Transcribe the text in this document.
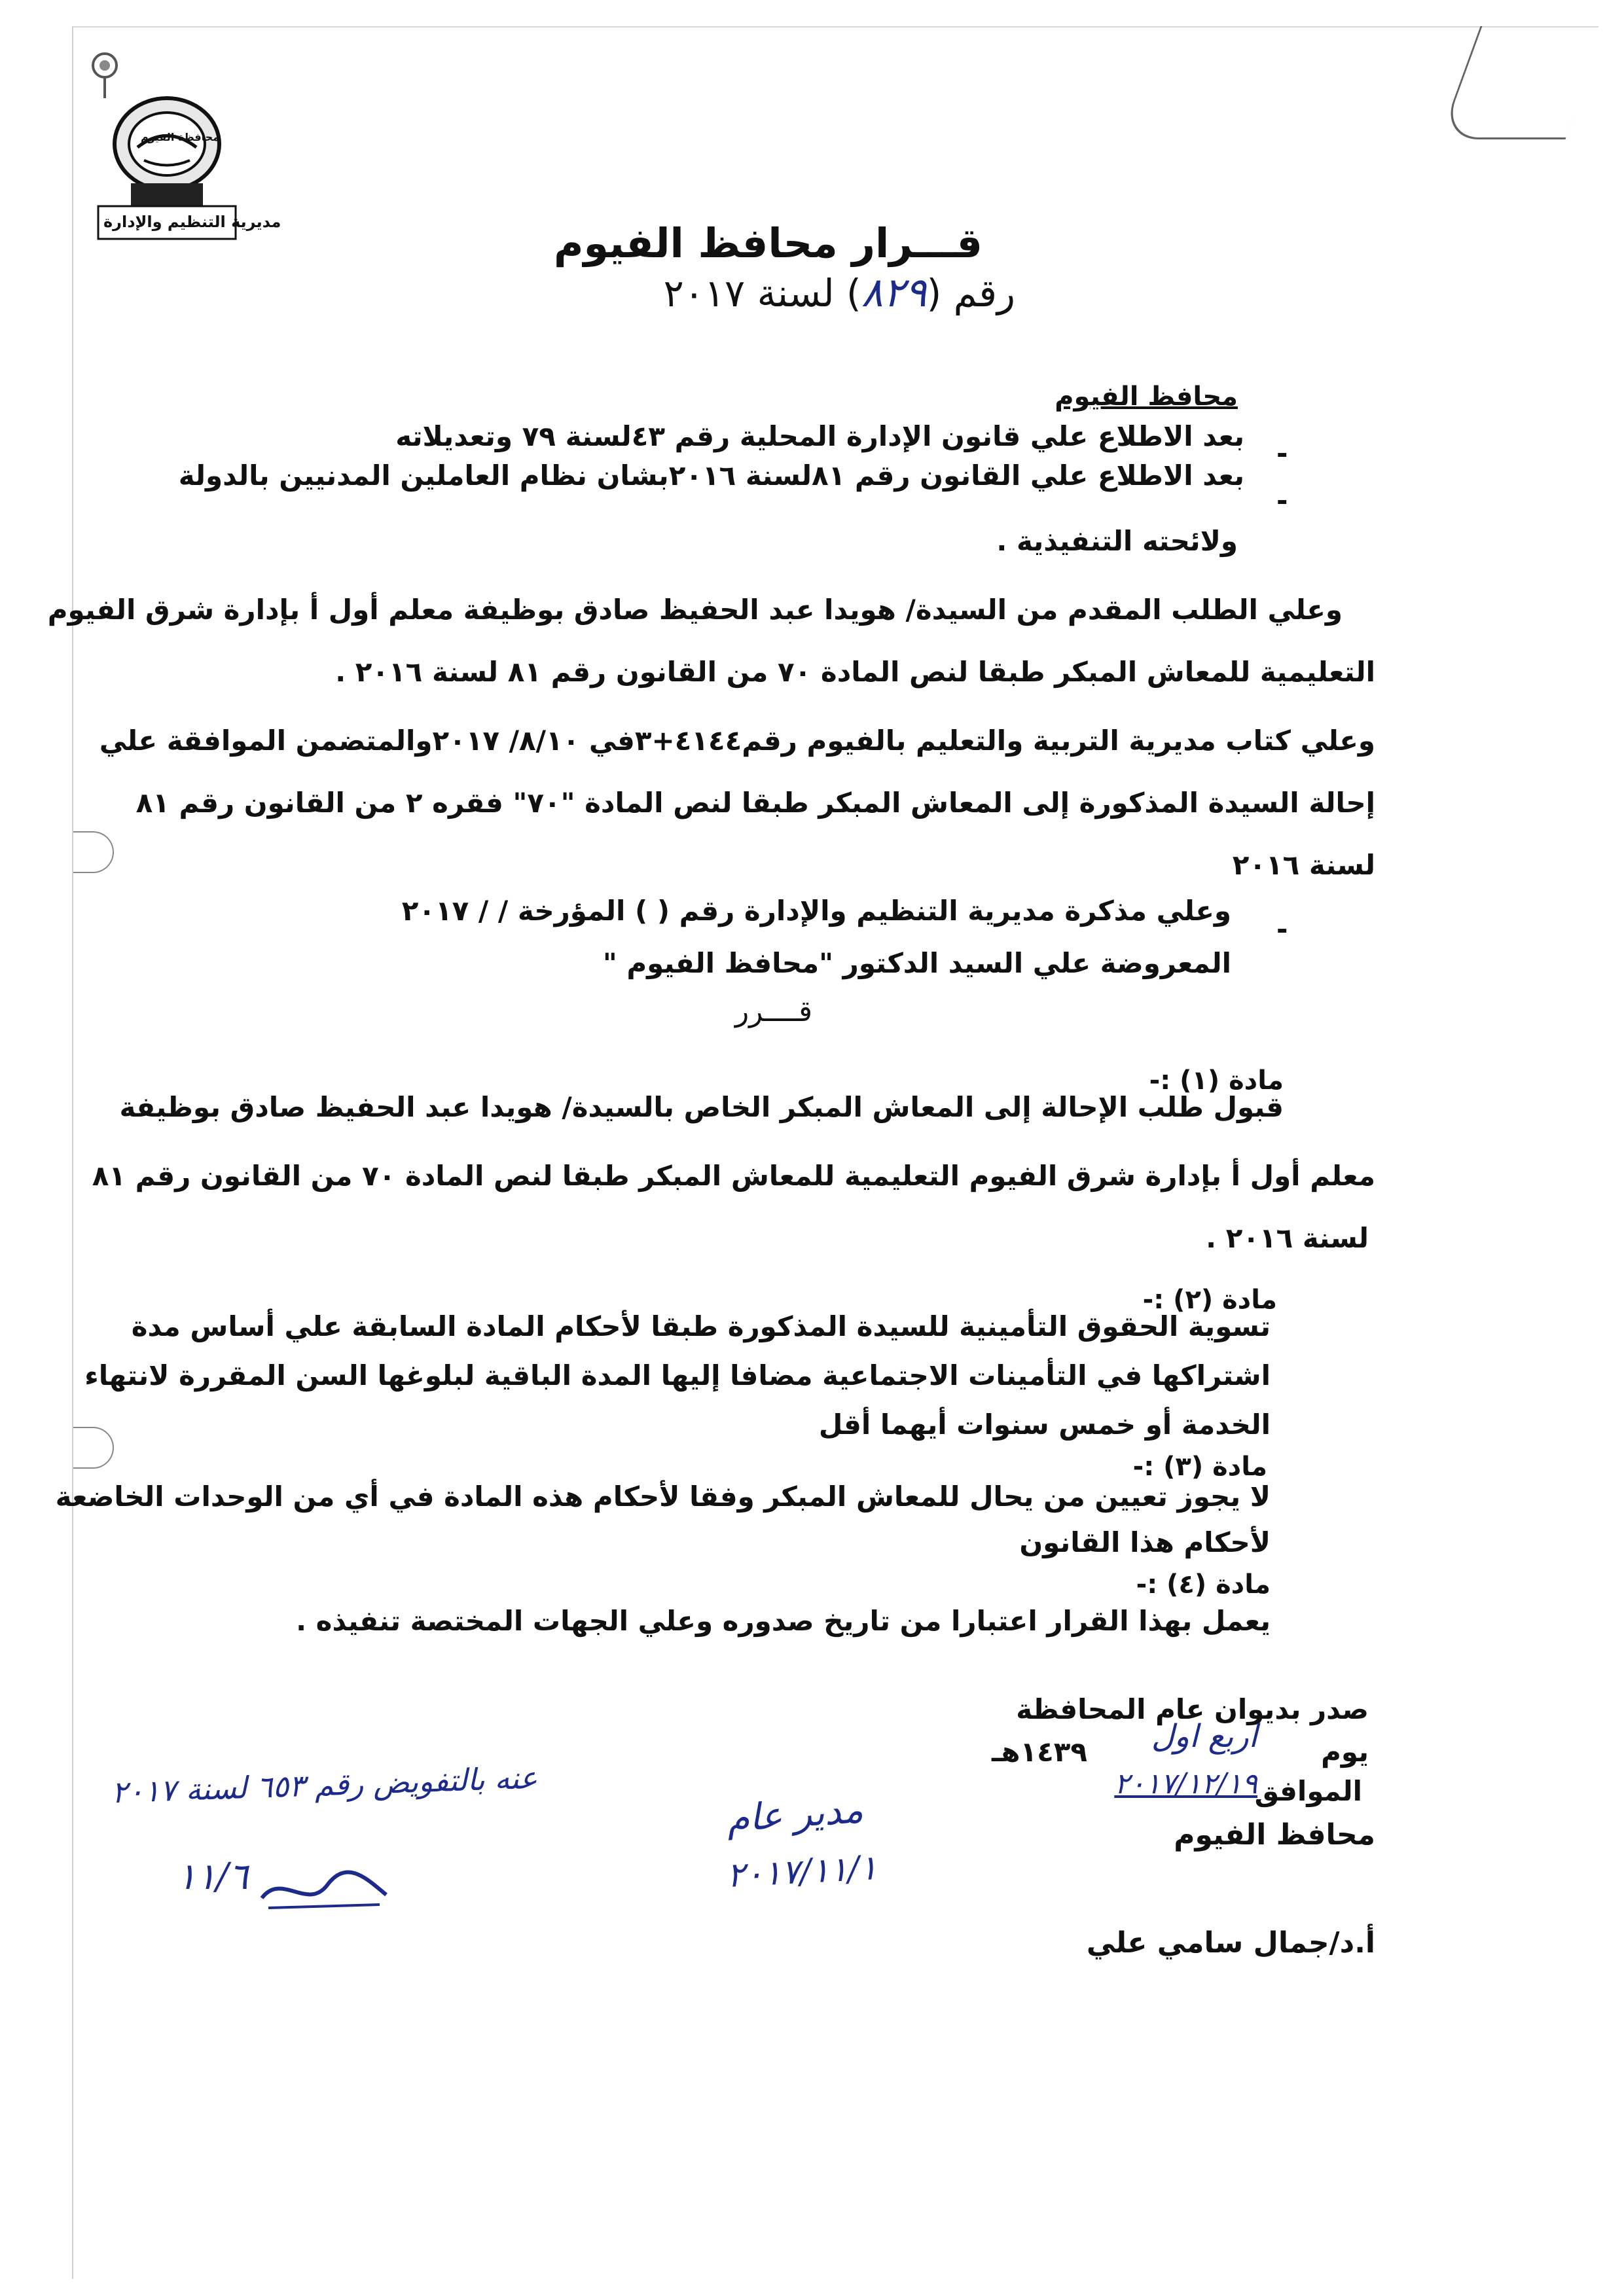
محافظة الفيوم
مديرية التنظيم والإدارة	قـــرار محافظ الفيوم
رقم (٨٢٩) لسنة ٢٠١٧
محافظ الفيوم
-
بعد الاطلاع علي قانون الإدارة المحلية رقم ٤٣لسنة ٧٩ وتعديلاته
-
بعد الاطلاع علي القانون رقم ٨١لسنة ٢٠١٦بشان نظام العاملين المدنيين بالدولة
ولائحته التنفيذية .
وعلي الطلب المقدم من السيدة/ هويدا عبد الحفيظ صادق بوظيفة معلم أول أ بإدارة شرق الفيوم
التعليمية للمعاش المبكر طبقا لنص المادة ٧٠ من القانون رقم ٨١ لسنة ٢٠١٦ .
وعلي كتاب مديرية التربية والتعليم بالفيوم رقم٤١٤٤+٣في ٨/١٠/ ٢٠١٧والمتضمن الموافقة علي
إحالة السيدة المذكورة إلى المعاش المبكر طبقا لنص المادة "٧٠" فقره ٢ من القانون رقم ٨١
لسنة ٢٠١٦
-
وعلي مذكرة مديرية التنظيم والإدارة رقم ( ) المؤرخة / / ٢٠١٧
المعروضة علي السيد الدكتور "محافظ الفيوم "
قــــرر
مادة (١) :-
قبول طلب الإحالة إلى المعاش المبكر الخاص بالسيدة/ هويدا عبد الحفيظ صادق بوظيفة
معلم أول أ بإدارة شرق الفيوم التعليمية للمعاش المبكر طبقا لنص المادة ٧٠ من القانون رقم ٨١
لسنة ٢٠١٦ .
مادة (٢) :-
تسوية الحقوق التأمينية للسيدة المذكورة طبقا لأحكام المادة السابقة علي أساس مدة
اشتراكها في التأمينات الاجتماعية مضافا إليها المدة الباقية لبلوغها السن المقررة لانتهاء
الخدمة أو خمس سنوات أيهما أقل
مادة (٣) :-
لا يجوز تعيين من يحال للمعاش المبكر وفقا لأحكام هذه المادة في أي من الوحدات الخاضعة
لأحكام هذا القانون
مادة (٤) :-
يعمل بهذا القرار اعتبارا من تاريخ صدوره وعلي الجهات المختصة تنفيذه .
صدر بديوان عام المحافظة
يوم
اربع اول
١٤٣٩هـ
الموافق
٢٠١٧/١٢/١٩
مدير عام
٢٠١٧/١١/١
عنه بالتفويض رقم ٦٥٣ لسنة ٢٠١٧
محافظ الفيوم
١١/٦
أ.د/جمال سامي علي
